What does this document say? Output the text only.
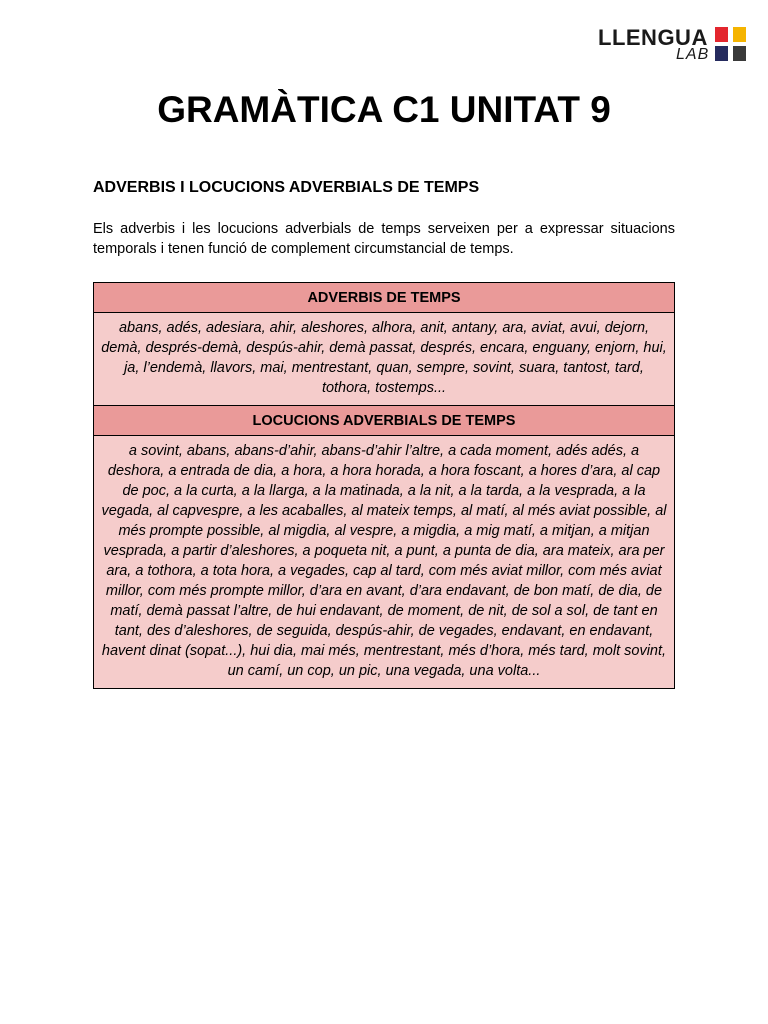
LLENGUA
LAB
GRAMÀTICA C1 UNITAT 9
ADVERBIS I LOCUCIONS ADVERBIALS DE TEMPS

Els adverbis i les locucions adverbials de temps serveixen per a expressar situacions temporals i tenen funció de complement circumstancial de temps.

ADVERBIS DE TEMPS
abans, adés, adesiara, ahir, aleshores, alhora, anit, antany, ara, aviat, avui, dejorn, demà, després-demà, despús-ahir, demà passat, després, encara, enguany, enjorn, hui, ja, l’endemà, llavors, mai, mentrestant, quan, sempre, sovint, suara, tantost, tard, tothora, tostemps...
LOCUCIONS ADVERBIALS DE TEMPS
a sovint, abans, abans-d’ahir, abans-d’ahir l’altre, a cada moment, adés adés, a deshora, a entrada de dia, a hora, a hora horada, a hora foscant, a hores d’ara, al cap de poc, a la curta, a la llarga, a la matinada, a la nit, a la tarda, a la vesprada, a la vegada, al capvespre, a les acaballes, al mateix temps, al matí, al més aviat possible, al més prompte possible, al migdia, al vespre, a migdia, a mig matí, a mitjan, a mitjan vesprada, a partir d’aleshores, a poqueta nit, a punt, a punta de dia, ara mateix, ara per ara, a tothora, a tota hora, a vegades, cap al tard, com més aviat millor, com més aviat millor, com més prompte millor, d’ara en avant, d’ara endavant, de bon matí, de dia, de matí, demà passat l’altre, de hui endavant, de moment, de nit, de sol a sol, de tant en tant, des d’aleshores, de seguida, despús-ahir, de vegades, endavant, en endavant, havent dinat (sopat...), hui dia, mai més, mentrestant, més d’hora, més tard, molt sovint, un camí, un cop, un pic, una vegada, una volta...
